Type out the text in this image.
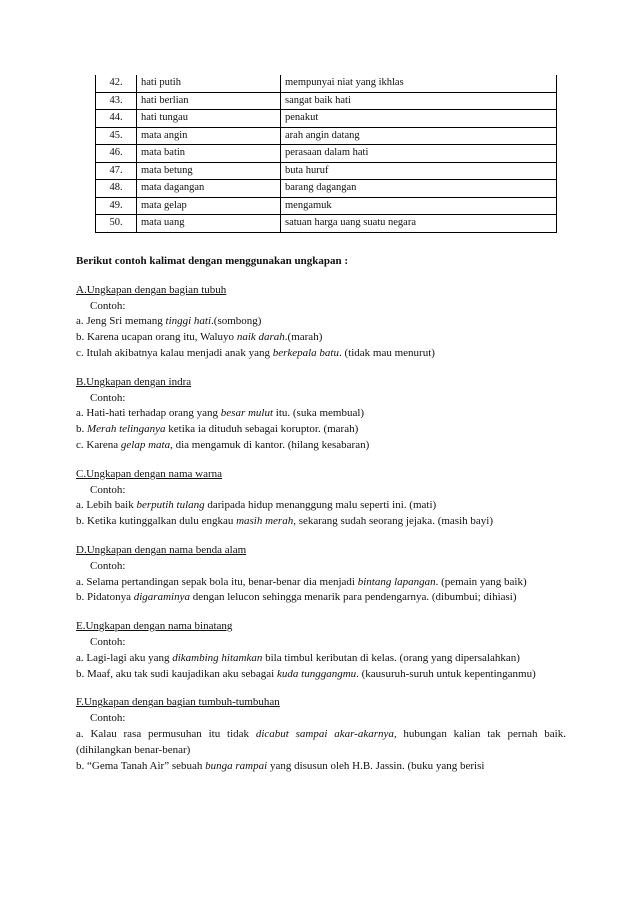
42.	hati putih	mempunyai niat yang ikhlas
43.	hati berlian	sangat baik hati
44.	hati tungau	penakut
45.	mata angin	arah angin datang
46.	mata batin	perasaan dalam hati
47.	mata betung	buta huruf
48.	mata dagangan	barang dagangan
49.	mata gelap	mengamuk
50.	mata uang	satuan harga uang suatu negara

Berikut contoh kalimat dengan menggunakan ungkapan :

A.Ungkapan dengan bagian tubuh

Contoh:

a. Jeng Sri memang tinggi hati.(sombong)

b. Karena ucapan orang itu, Waluyo naik darah.(marah)

c. Itulah akibatnya kalau menjadi anak yang berkepala batu. (tidak mau menurut)

B.Ungkapan dengan indra

Contoh:

a. Hati-hati terhadap orang yang besar mulut itu. (suka membual)

b. Merah telinganya ketika ia dituduh sebagai koruptor. (marah)

c. Karena gelap mata, dia mengamuk di kantor. (hilang kesabaran)

C.Ungkapan dengan nama warna

Contoh:

a. Lebih baik berputih tulang daripada hidup menanggung malu seperti ini. (mati)

b. Ketika kutinggalkan dulu engkau masih merah, sekarang sudah seorang jejaka. (masih bayi)

D.Ungkapan dengan nama benda alam

Contoh:

a. Selama pertandingan sepak bola itu, benar-benar dia menjadi bintang lapangan. (pemain yang baik)

b. Pidatonya digaraminya dengan lelucon sehingga menarik para pendengarnya. (dibumbui; dihiasi)

E.Ungkapan dengan nama binatang

Contoh:

a. Lagi-lagi aku yang dikambing hitamkan bila timbul keributan di kelas. (orang yang dipersalahkan)

b. Maaf, aku tak sudi kaujadikan aku sebagai kuda tunggangmu. (kausuruh-suruh untuk kepentinganmu)

F.Ungkapan dengan bagian tumbuh-tumbuhan

Contoh:

a. Kalau rasa permusuhan itu tidak dicabut sampai akar-akarnya, hubungan kalian tak pernah baik. (dihilangkan benar-benar)

b. “Gema Tanah Air” sebuah bunga rampai yang disusun oleh H.B. Jassin. (buku yang berisi
